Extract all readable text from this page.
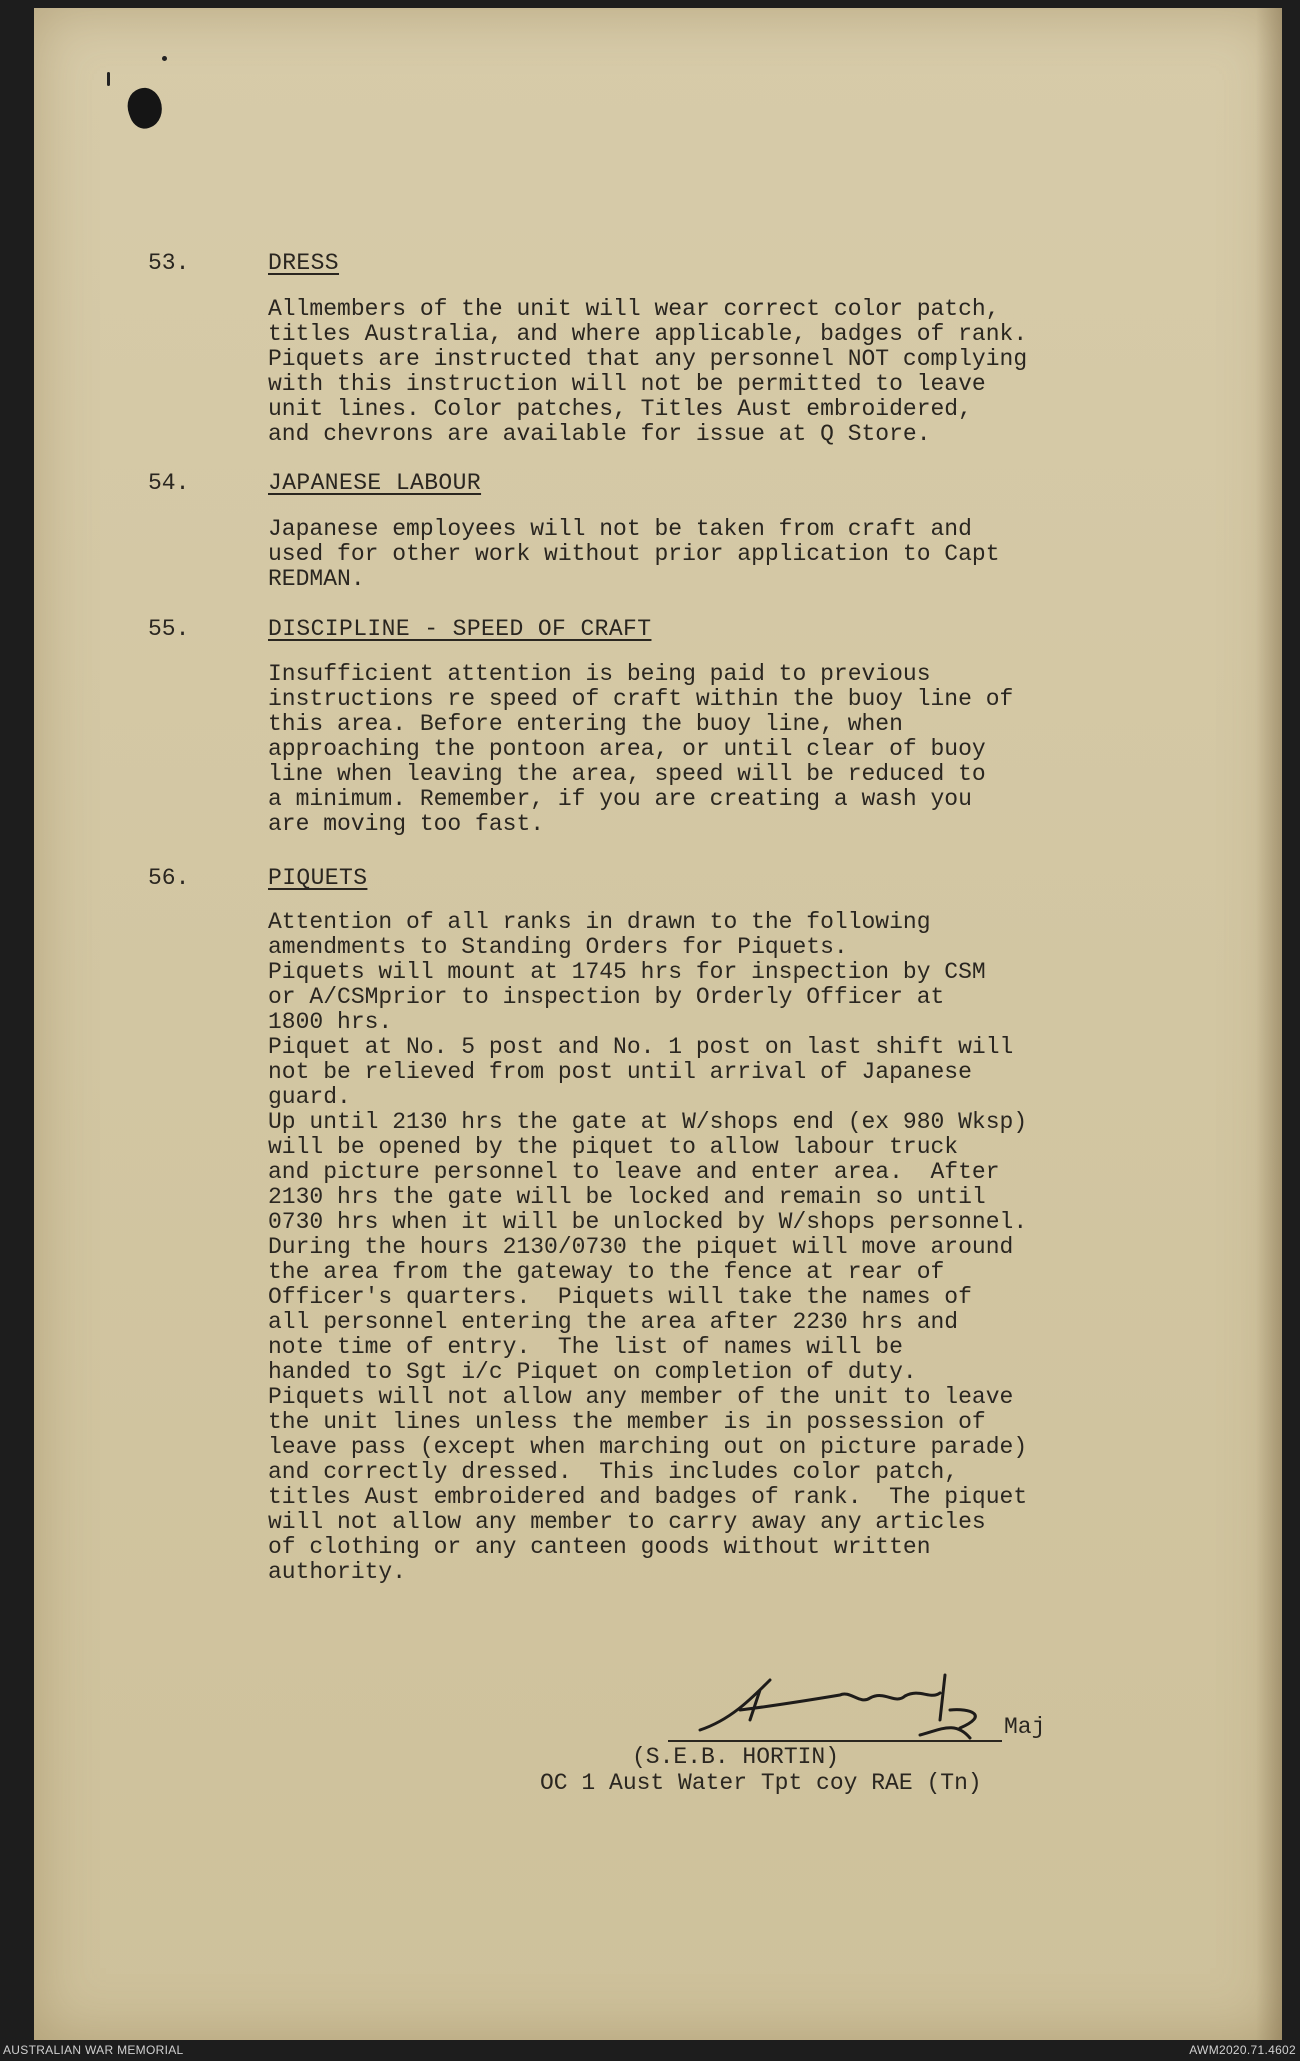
53.	DRESS
Allmembers of the unit will wear correct color patch,
titles Australia, and where applicable, badges of rank.
Piquets are instructed that any personnel NOT complying
with this instruction will not be permitted to leave
unit lines. Color patches, Titles Aust embroidered,
and chevrons are available for issue at Q Store.
54.	JAPANESE LABOUR
Japanese employees will not be taken from craft and
used for other work without prior application to Capt
REDMAN.
55.	DISCIPLINE - SPEED OF CRAFT
Insufficient attention is being paid to previous
instructions re speed of craft within the buoy line of
this area. Before entering the buoy line, when
approaching the pontoon area, or until clear of buoy
line when leaving the area, speed will be reduced to
a minimum. Remember, if you are creating a wash you
are moving too fast.
56.	PIQUETS
Attention of all ranks in drawn to the following
amendments to Standing Orders for Piquets.
Piquets will mount at 1745 hrs for inspection by CSM
or A/CSMprior to inspection by Orderly Officer at
1800 hrs.
Piquet at No. 5 post and No. 1 post on last shift will
not be relieved from post until arrival of Japanese
guard.
Up until 2130 hrs the gate at W/shops end (ex 980 Wksp)
will be opened by the piquet to allow labour truck
and picture personnel to leave and enter area.  After
2130 hrs the gate will be locked and remain so until
0730 hrs when it will be unlocked by W/shops personnel.
During the hours 2130/0730 the piquet will move around
the area from the gateway to the fence at rear of
Officer's quarters.  Piquets will take the names of
all personnel entering the area after 2230 hrs and
note time of entry.  The list of names will be
handed to Sgt i/c Piquet on completion of duty.
Piquets will not allow any member of the unit to leave
the unit lines unless the member is in possession of
leave pass (except when marching out on picture parade)
and correctly dressed.  This includes color patch,
titles Aust embroidered and badges of rank.  The piquet
will not allow any member to carry away any articles
of clothing or any canteen goods without written
authority.
Maj
(S.E.B. HORTIN)
OC 1 Aust Water Tpt coy RAE (Tn)
AUSTRALIAN WAR MEMORIAL	AWM2020.71.4602
